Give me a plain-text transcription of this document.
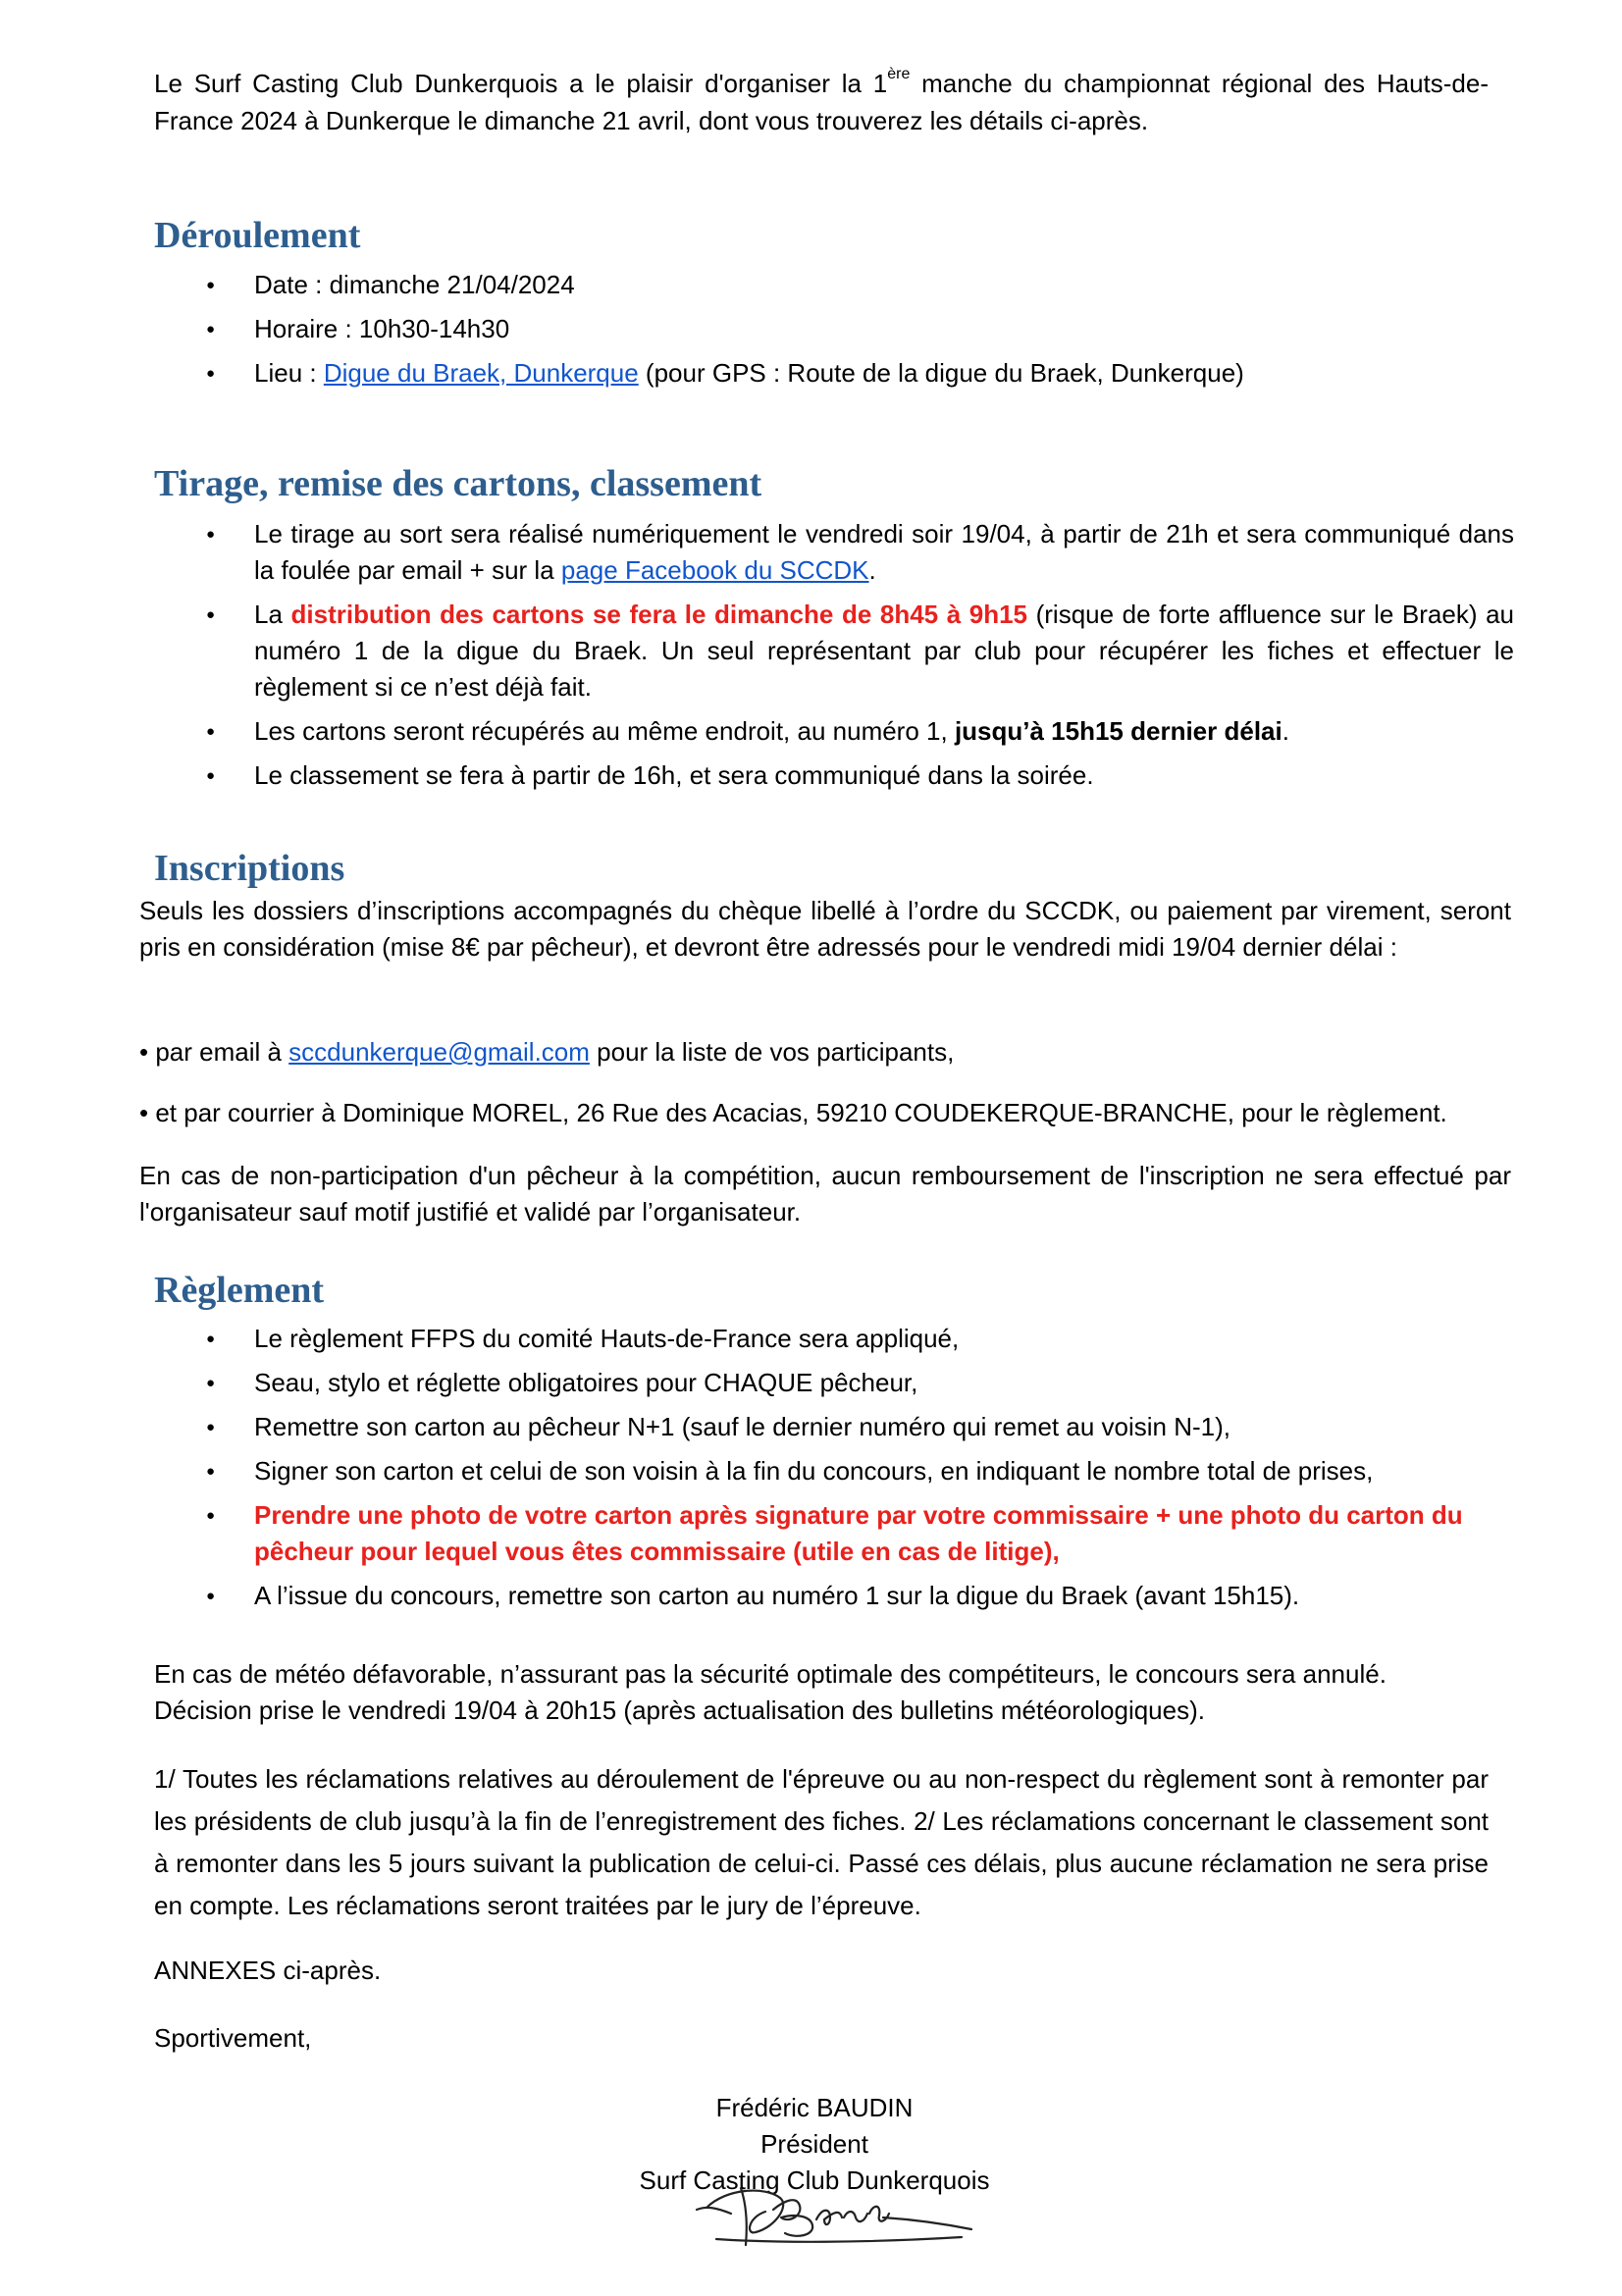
Le Surf Casting Club Dunkerquois a le plaisir d'organiser la 1ère manche du championnat régional des Hauts-de-France 2024 à Dunkerque le dimanche 21 avril, dont vous trouverez les détails ci-après.

Déroulement
● Date : dimanche 21/04/2024
● Horaire : 10h30-14h30
● Lieu : Digue du Braek, Dunkerque (pour GPS : Route de la digue du Braek, Dunkerque)
Tirage, remise des cartons, classement
● Le tirage au sort sera réalisé numériquement le vendredi soir 19/04, à partir de 21h et sera communiqué dans la foulée par email + sur la page Facebook du SCCDK.
● La distribution des cartons se fera le dimanche de 8h45 à 9h15 (risque de forte affluence sur le Braek) au numéro 1 de la digue du Braek. Un seul représentant par club pour récupérer les fiches et effectuer le règlement si ce n’est déjà fait.
● Les cartons seront récupérés au même endroit, au numéro 1, jusqu’à 15h15 dernier délai.
● Le classement se fera à partir de 16h, et sera communiqué dans la soirée.
Inscriptions

Seuls les dossiers d’inscriptions accompagnés du chèque libellé à l’ordre du SCCDK, ou paiement par virement, seront pris en considération (mise 8€ par pêcheur), et devront être adressés pour le vendredi midi 19/04 dernier délai :

• par email à sccdunkerque@gmail.com pour la liste de vos participants,

• et par courrier à Dominique MOREL, 26 Rue des Acacias, 59210 COUDEKERQUE-BRANCHE, pour le règlement.

En cas de non-participation d'un pêcheur à la compétition, aucun remboursement de l'inscription ne sera effectué par l'organisateur sauf motif justifié et validé par l’organisateur.

Règlement
● Le règlement FFPS du comité Hauts-de-France sera appliqué,
● Seau, stylo et réglette obligatoires pour CHAQUE pêcheur,
● Remettre son carton au pêcheur N+1 (sauf le dernier numéro qui remet au voisin N-1),
● Signer son carton et celui de son voisin à la fin du concours, en indiquant le nombre total de prises,
● Prendre une photo de votre carton après signature par votre commissaire + une photo du carton du pêcheur pour lequel vous êtes commissaire (utile en cas de litige),
● A l’issue du concours, remettre son carton au numéro 1 sur la digue du Braek (avant 15h15).

En cas de météo défavorable, n’assurant pas la sécurité optimale des compétiteurs, le concours sera annulé. Décision prise le vendredi 19/04 à 20h15 (après actualisation des bulletins météorologiques).

1/ Toutes les réclamations relatives au déroulement de l'épreuve ou au non-respect du règlement sont à remonter par les présidents de club jusqu’à la fin de l’enregistrement des fiches. 2/ Les réclamations concernant le classement sont à remonter dans les 5 jours suivant la publication de celui-ci. Passé ces délais, plus aucune réclamation ne sera prise en compte. Les réclamations seront traitées par le jury de l’épreuve.

ANNEXES ci-après.

Sportivement,

Frédéric BAUDIN
Président
Surf Casting Club Dunkerquois
